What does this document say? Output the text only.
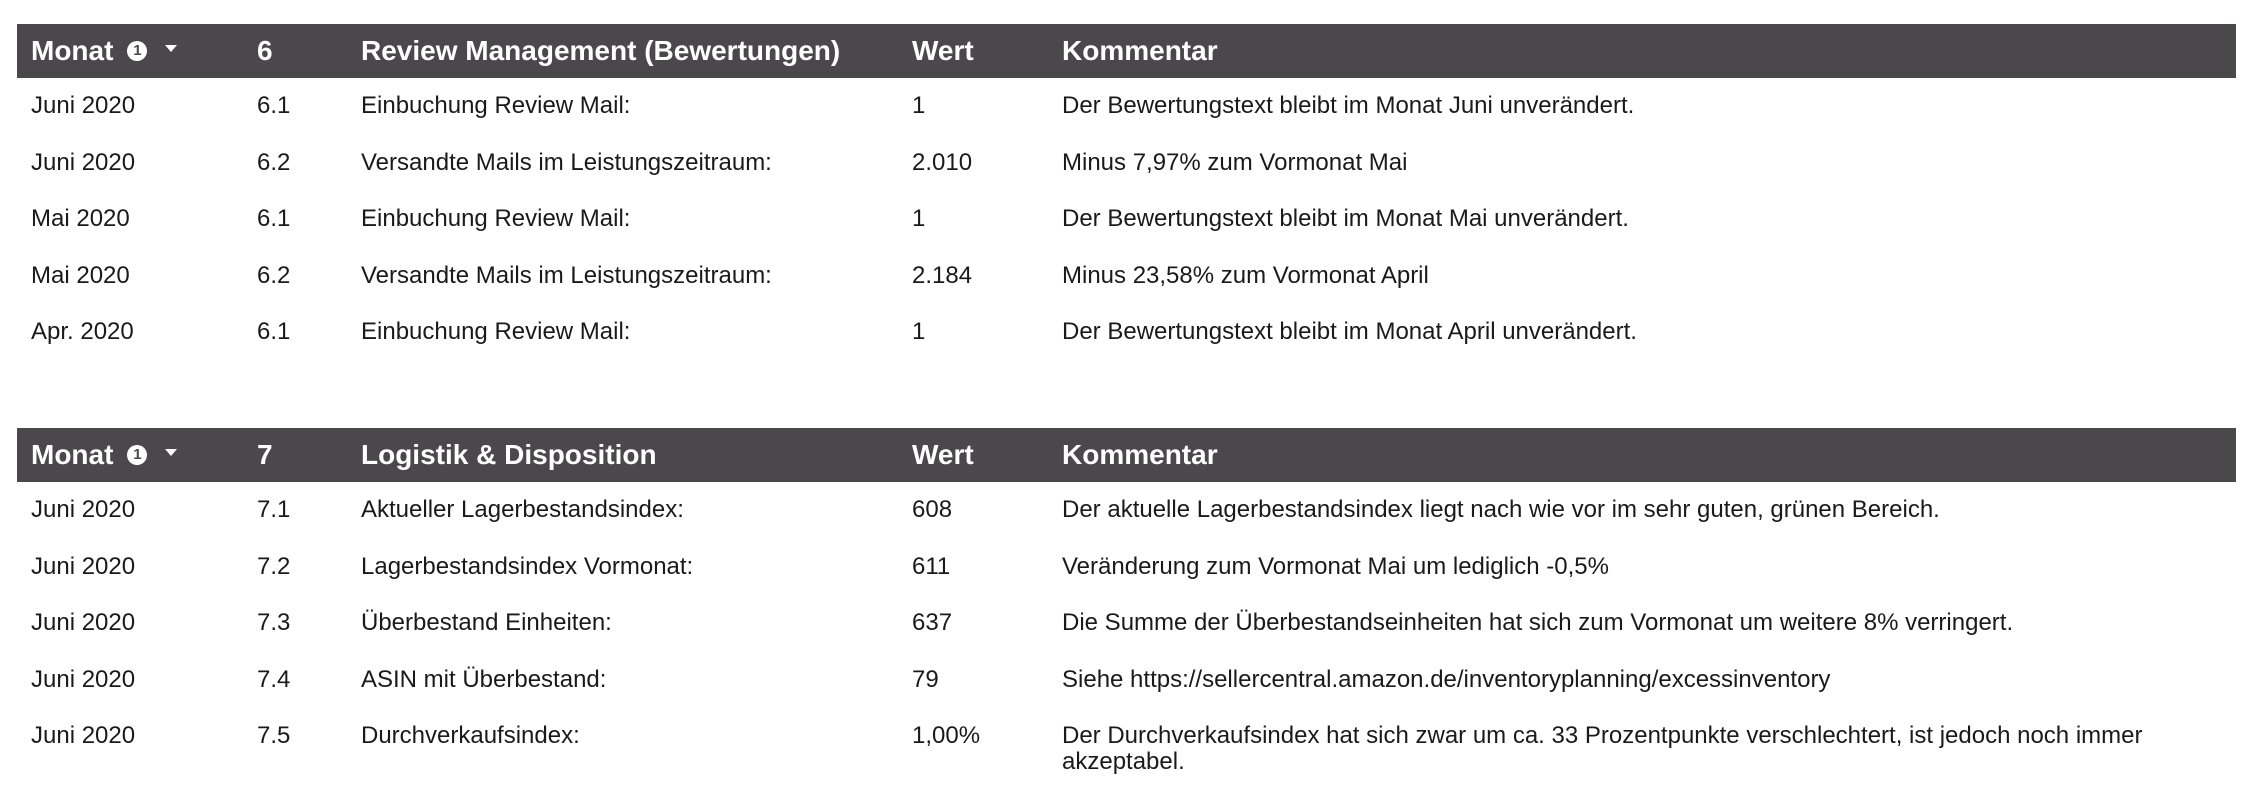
Monat	1	6	Review Management (Bewertungen)	Wert	Kommentar
Juni 2020	6.1	Einbuchung Review Mail:	1	Der Bewertungstext bleibt im Monat Juni unverändert.
Juni 2020	6.2	Versandte Mails im Leistungszeitraum:	2.010	Minus 7,97% zum Vormonat Mai
Mai 2020	6.1	Einbuchung Review Mail:	1	Der Bewertungstext bleibt im Monat Mai unverändert.
Mai 2020	6.2	Versandte Mails im Leistungszeitraum:	2.184	Minus 23,58% zum Vormonat April
Apr. 2020	6.1	Einbuchung Review Mail:	1	Der Bewertungstext bleibt im Monat April unverändert.
Monat	1	7	Logistik & Disposition	Wert	Kommentar
Juni 2020	7.1	Aktueller Lagerbestandsindex:	608	Der aktuelle Lagerbestandsindex liegt nach wie vor im sehr guten, grünen Bereich.
Juni 2020	7.2	Lagerbestandsindex Vormonat:	611	Veränderung zum Vormonat Mai um lediglich -0,5%
Juni 2020	7.3	Überbestand Einheiten:	637	Die Summe der Überbestandseinheiten hat sich zum Vormonat um weitere 8% verringert.
Juni 2020	7.4	ASIN mit Überbestand:	79	Siehe https://sellercentral.amazon.de/inventoryplanning/excessinventory
Juni 2020	7.5	Durchverkaufsindex:	1,00%	Der Durchverkaufsindex hat sich zwar um ca. 33 Prozentpunkte verschlechtert, ist jedoch noch immer akzeptabel.
